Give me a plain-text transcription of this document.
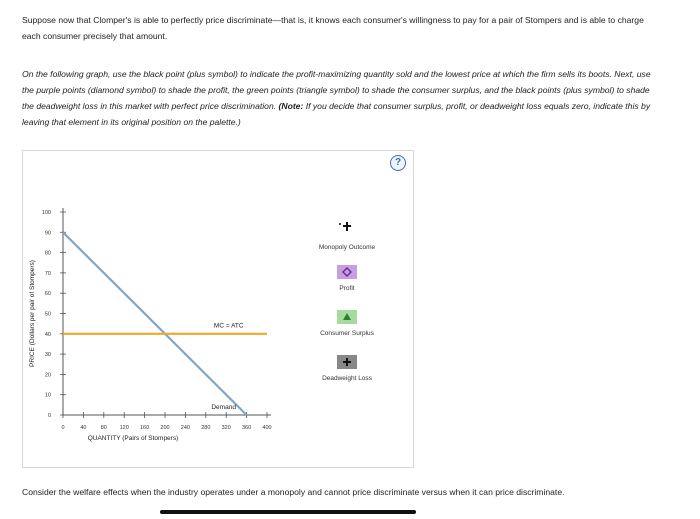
Suppose now that Clomper's is able to perfectly price discriminate—that is, it knows each consumer's willingness to pay for a pair of Stompers and is able to charge each consumer precisely that amount.
On the following graph, use the black point (plus symbol) to indicate the profit-maximizing quantity sold and the lowest price at which the firm sells its boots. Next, use the purple points (diamond symbol) to shade the profit, the green points (triangle symbol) to shade the consumer surplus, and the black points (plus symbol) to shade the deadweight loss in this market with perfect price discrimination. (Note: If you decide that consumer surplus, profit, or deadweight loss equals zero, indicate this by leaving that element in its original position on the palette.)
?
0
10
20
30
40
50
60
70
80
90
100
0	40	80 120 160 200 240 280 320 360 400
MC = ATC
Demand
QUANTITY (Pairs of Stompers)
PRICE (Dollars per pair of Stompers)
Monopoly Outcome
Profit
Consumer Surplus
Deadweight Loss
Consider the welfare effects when the industry operates under a monopoly and cannot price discriminate versus when it can price discriminate.
